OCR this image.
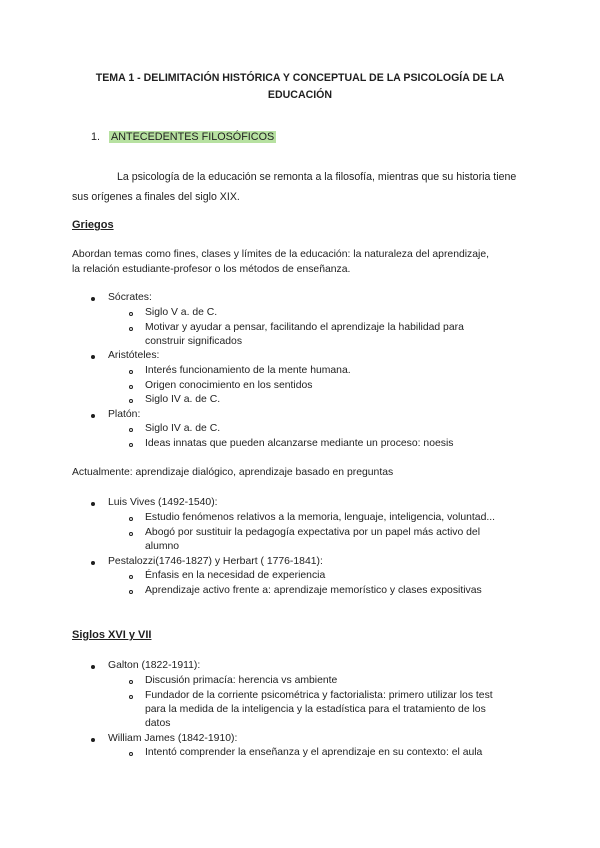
TEMA 1 - DELIMITACIÓN HISTÓRICA Y CONCEPTUAL DE LA PSICOLOGÍA DE LA
EDUCACIÓN
1. ANTECEDENTES FILOSÓFICOS
La psicología de la educación se remonta a la filosofía, mientras que su historia tiene
sus orígenes a finales del siglo XIX.
Griegos
Abordan temas como fines, clases y límites de la educación: la naturaleza del aprendizaje,
la relación estudiante-profesor o los métodos de enseñanza.
Sócrates:
Siglo V a. de C.
Motivar y ayudar a pensar, facilitando el aprendizaje la habilidad para
construir significados
Aristóteles:
Interés funcionamiento de la mente humana.
Origen conocimiento en los sentidos
Siglo IV a. de C.
Platón:
Siglo IV a. de C.
Ideas innatas que pueden alcanzarse mediante un proceso: noesis
Actualmente: aprendizaje dialógico, aprendizaje basado en preguntas
Luis Vives (1492-1540):
Estudio fenómenos relativos a la memoria, lenguaje, inteligencia, voluntad...
Abogó por sustituir la pedagogía expectativa por un papel más activo del
alumno
Pestalozzi(1746-1827) y Herbart ( 1776-1841):
Énfasis en la necesidad de experiencia
Aprendizaje activo frente a: aprendizaje memorístico y clases expositivas
Siglos XVI y VII
Galton (1822-1911):
Discusión primacía: herencia vs ambiente
Fundador de la corriente psicométrica y factorialista: primero utilizar los test
para la medida de la inteligencia y la estadística para el tratamiento de los
datos
William James (1842-1910):
Intentó comprender la enseñanza y el aprendizaje en su contexto: el aula
